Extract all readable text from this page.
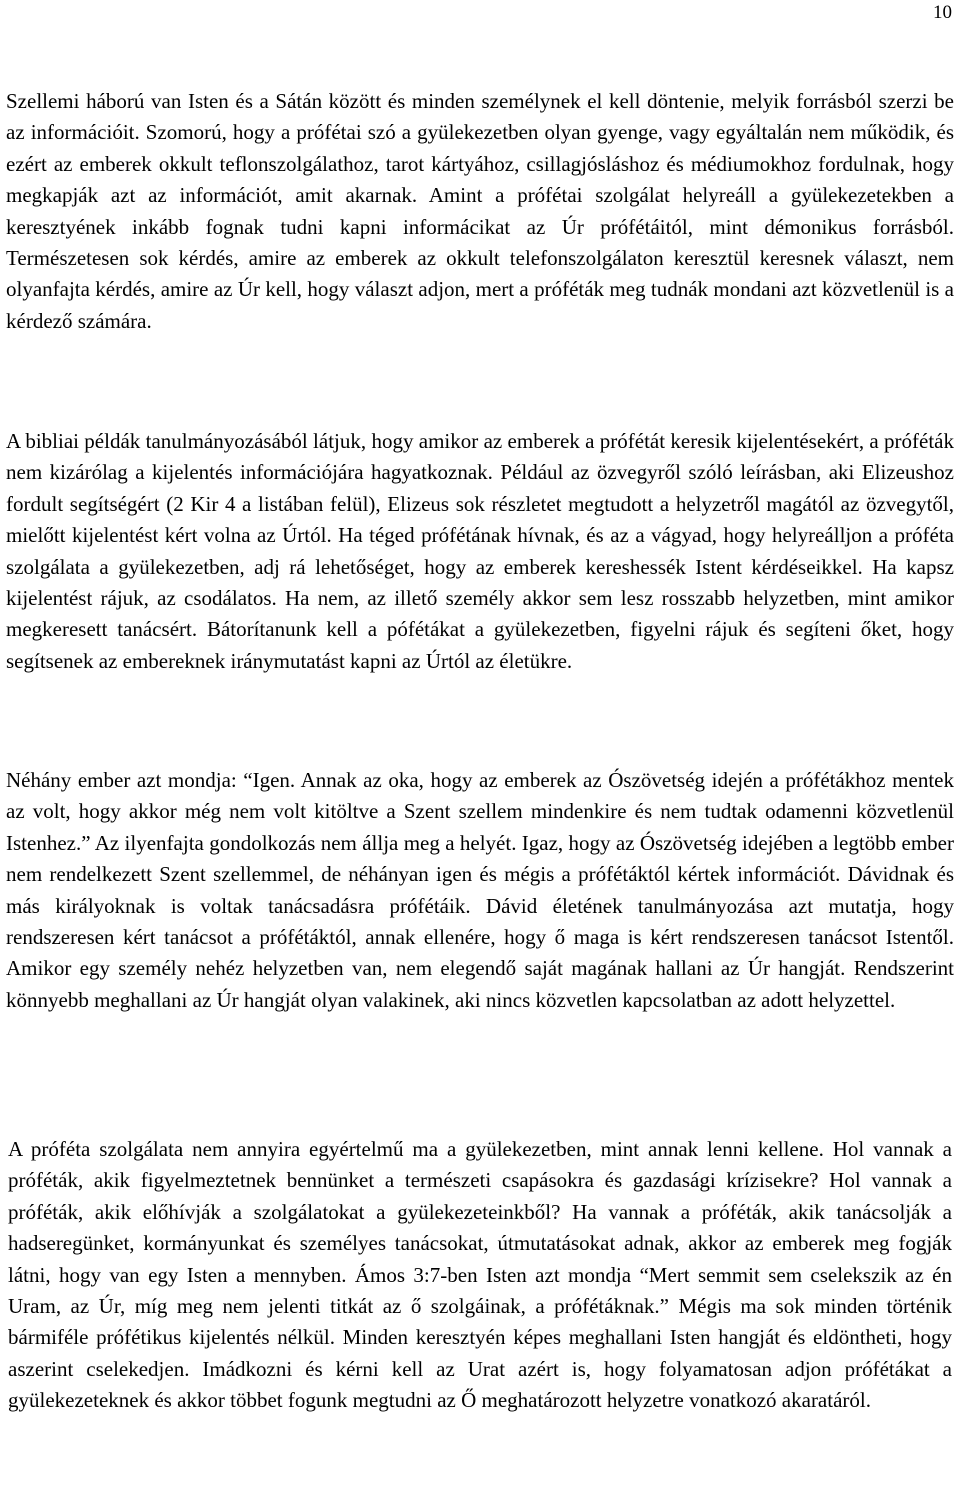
10

Szellemi háború van Isten és a Sátán között és minden személynek el kell döntenie, melyik forrásból szerzi be az információit. Szomorú, hogy a prófétai szó a gyülekezetben olyan gyenge, vagy egyáltalán nem működik, és ezért az emberek okkult teflonszolgálathoz, tarot kártyához, csillagjósláshoz és médiumokhoz fordulnak, hogy megkapják azt az információt, amit akarnak. Amint a prófétai szolgálat helyreáll a gyülekezetekben a keresztyének inkább fognak tudni kapni informácikat az Úr prófétáitól, mint démonikus forrásból. Természetesen sok kérdés, amire az emberek az okkult telefonszolgálaton keresztül keresnek választ, nem olyanfajta kérdés, amire az Úr kell, hogy választ adjon, mert a próféták meg tudnák mondani azt közvetlenül is a kérdező számára.

A bibliai példák tanulmányozásából látjuk, hogy amikor az emberek a prófétát keresik kijelentésekért, a próféták nem kizárólag a kijelentés információjára hagyatkoznak. Például az özvegyről szóló leírásban, aki Elizeushoz fordult segítségért (2 Kir 4 a listában felül), Elizeus sok részletet megtudott a helyzetről magától az özvegytől, mielőtt kijelentést kért volna az Úrtól. Ha téged prófétának hívnak, és az a vágyad, hogy helyreálljon a próféta szolgálata a gyülekezetben, adj rá lehetőséget, hogy az emberek kereshessék Istent kérdéseikkel. Ha kapsz kijelentést rájuk, az csodálatos. Ha nem, az illető személy akkor sem lesz rosszabb helyzetben, mint amikor megkeresett tanácsért. Bátorítanunk kell a pófétákat a gyülekezetben, figyelni rájuk és segíteni őket, hogy segítsenek az embereknek iránymutatást kapni az Úrtól az életükre.

Néhány ember azt mondja: “Igen. Annak az oka, hogy az emberek az Ószövetség idején a prófétákhoz mentek az volt, hogy akkor még nem volt kitöltve a Szent szellem mindenkire és nem tudtak odamenni közvetlenül Istenhez.” Az ilyenfajta gondolkozás nem állja meg a helyét. Igaz, hogy az Ószövetség idejében a legtöbb ember nem rendelkezett Szent szellemmel, de néhányan igen és mégis a prófétáktól kértek információt. Dávidnak és más királyoknak is voltak tanácsadásra prófétáik. Dávid életének tanulmányozása azt mutatja, hogy rendszeresen kért tanácsot a prófétáktól, annak ellenére, hogy ő maga is kért rendszeresen tanácsot Istentől. Amikor egy személy nehéz helyzetben van, nem elegendő saját magának hallani az Úr hangját. Rendszerint könnyebb meghallani az Úr hangját olyan valakinek, aki nincs közvetlen kapcsolatban az adott helyzettel.

A próféta szolgálata nem annyira egyértelmű ma a gyülekezetben, mint annak lenni kellene. Hol vannak a próféták, akik figyelmeztetnek bennünket a természeti csapásokra és gazdasági krízisekre? Hol vannak a próféták, akik előhívják a szolgálatokat a gyülekezeteinkből? Ha vannak a próféták, akik tanácsolják a hadseregünket, kormányunkat és személyes tanácsokat, útmutatásokat adnak, akkor az emberek meg fogják látni, hogy van egy Isten a mennyben. Ámos 3:7-ben Isten azt mondja “Mert semmit sem cselekszik az én Uram, az Úr, míg meg nem jelenti titkát az ő szolgáinak, a prófétáknak.” Mégis ma sok minden történik bármiféle prófétikus kijelentés nélkül. Minden keresztyén képes meghallani Isten hangját és eldöntheti, hogy aszerint cselekedjen. Imádkozni és kérni kell az Urat azért is, hogy folyamatosan adjon prófétákat a gyülekezeteknek és akkor többet fogunk megtudni az Ő meghatározott helyzetre vonatkozó akaratáról.
